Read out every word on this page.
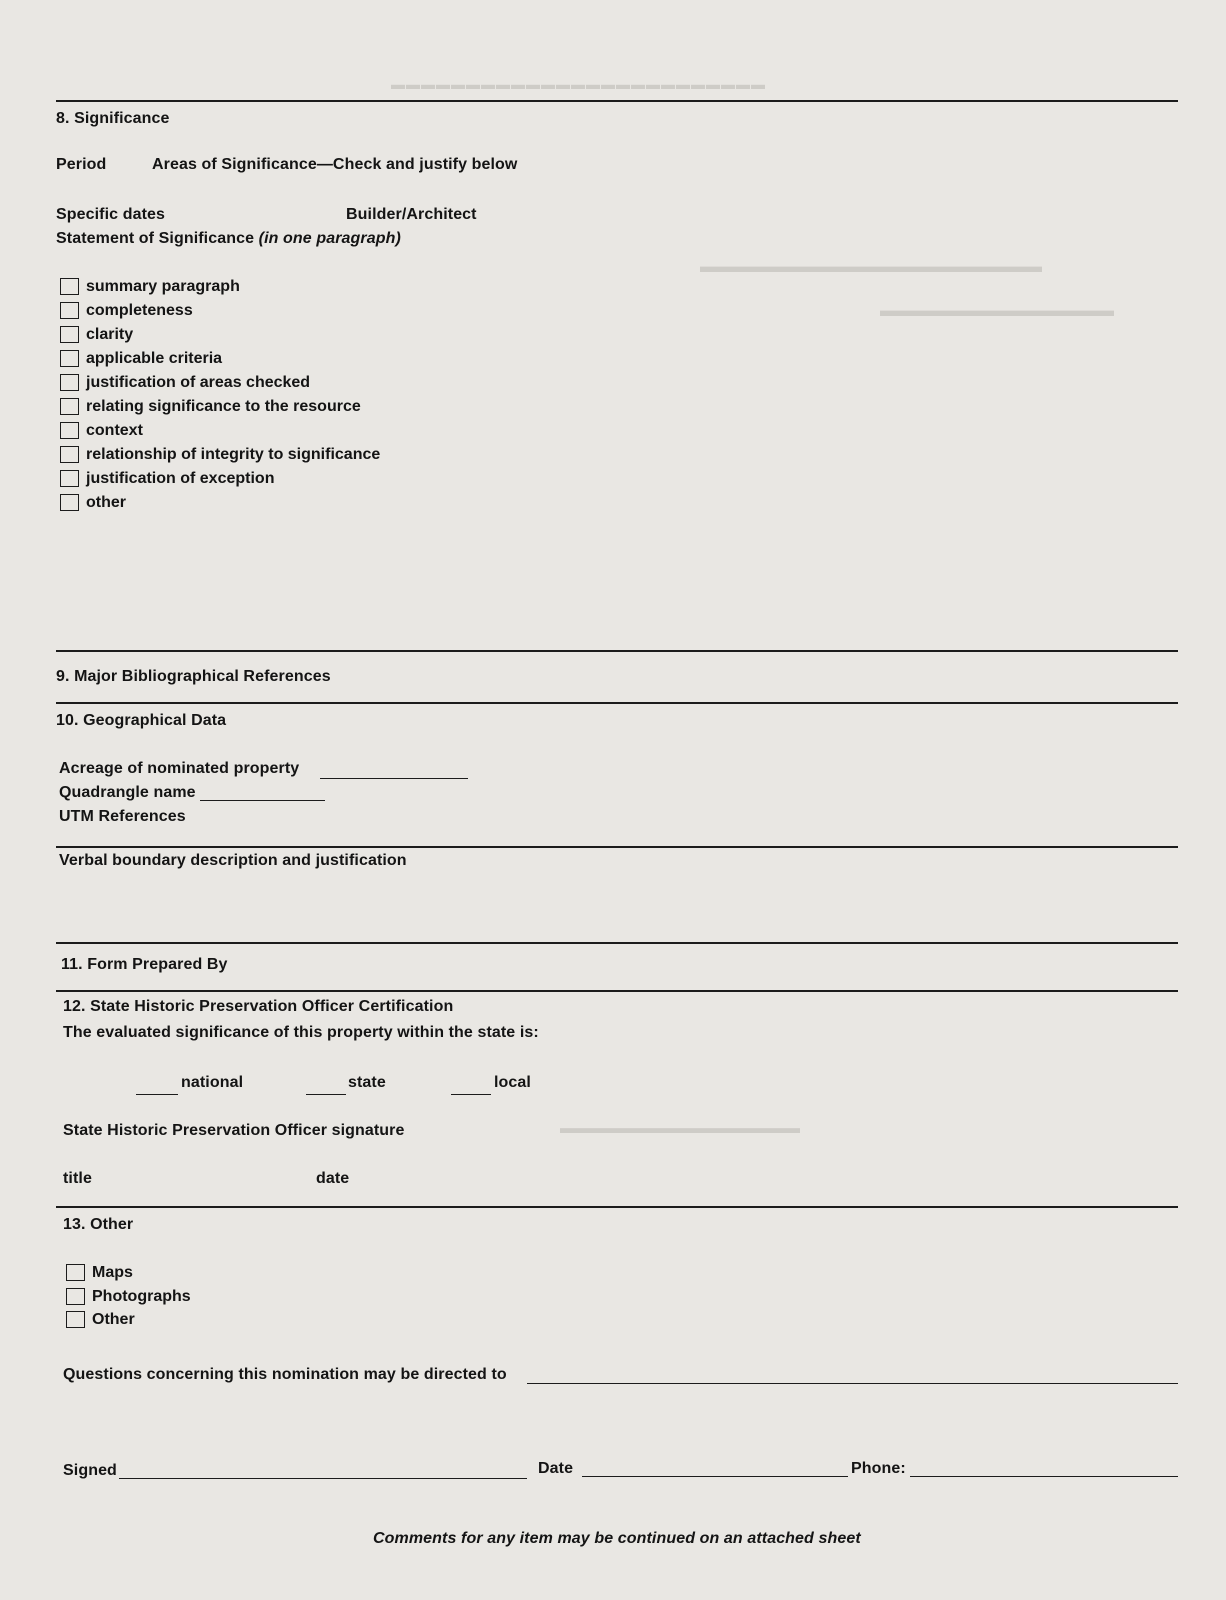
▬▬▬▬▬▬▬▬▬▬▬▬▬▬▬▬▬▬▬▬▬▬▬▬▬
▬▬▬▬▬▬▬▬▬▬▬▬▬▬▬▬▬▬▬
▬▬▬▬▬▬▬▬▬▬▬▬▬
▬▬▬▬▬▬▬▬▬▬▬▬▬▬▬
8. Significance
Period	Areas of Significance—Check and justify below
Specific dates	Builder/Architect
Statement of Significance (in one paragraph)
summary paragraph
completeness
clarity
applicable criteria
justification of areas checked
relating significance to the resource
context
relationship of integrity to significance
justification of exception
other
9. Major Bibliographical References
10. Geographical Data
Acreage of nominated property
Quadrangle name
UTM References
Verbal boundary description and justification
11. Form Prepared By
12. State Historic Preservation Officer Certification
The evaluated significance of this property within the state is:
national	state	local
State Historic Preservation Officer signature
title	date
13. Other
Maps
Photographs
Other
Questions concerning this nomination may be directed to
Signed	Date	Phone:
Comments for any item may be continued on an attached sheet
